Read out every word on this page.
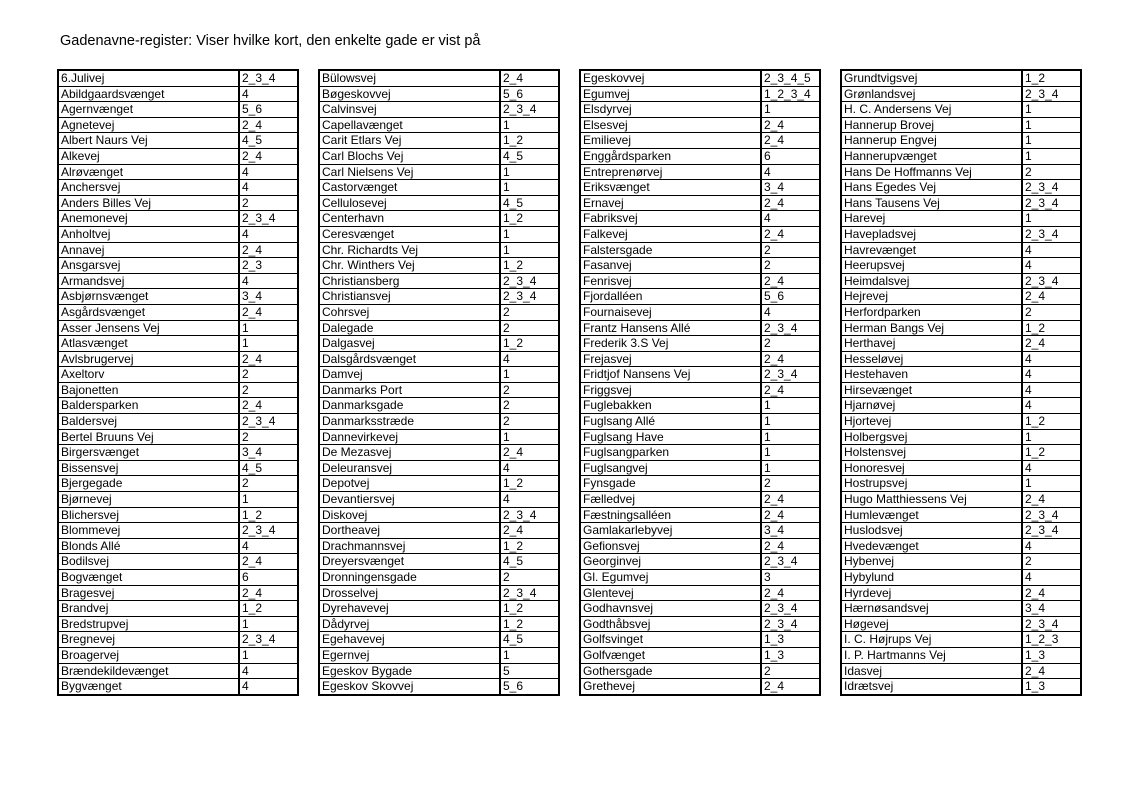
Gadenavne-register: Viser hvilke kort, den enkelte gade er vist på
6.Julivej	2_3_4
Abildgaardsvænget	4
Agernvænget	5_6
Agnetevej	2_4
Albert Naurs Vej	4_5
Alkevej	2_4
Alrøvænget	4
Anchersvej	4
Anders Billes Vej	2
Anemonevej	2_3_4
Anholtvej	4
Annavej	2_4
Ansgarsvej	2_3
Armandsvej	4
Asbjørnsvænget	3_4
Asgårdsvænget	2_4
Asser Jensens Vej	1
Atlasvænget	1
Avlsbrugervej	2_4
Axeltorv	2
Bajonetten	2
Baldersparken	2_4
Baldersvej	2_3_4
Bertel Bruuns Vej	2
Birgersvænget	3_4
Bissensvej	4_5
Bjergegade	2
Bjørnevej	1
Blichersvej	1_2
Blommevej	2_3_4
Blonds Allé	4
Bodilsvej	2_4
Bogvænget	6
Bragesvej	2_4
Brandvej	1_2
Bredstrupvej	1
Bregnevej	2_3_4
Broagervej	1
Brændekildevænget	4
Bygvænget	4
Bülowsvej	2_4
Bøgeskovvej	5_6
Calvinsvej	2_3_4
Capellavænget	1
Carit Etlars Vej	1_2
Carl Blochs Vej	4_5
Carl Nielsens Vej	1
Castorvænget	1
Cellulosevej	4_5
Centerhavn	1_2
Ceresvænget	1
Chr. Richardts Vej	1
Chr. Winthers Vej	1_2
Christiansberg	2_3_4
Christiansvej	2_3_4
Cohrsvej	2
Dalegade	2
Dalgasvej	1_2
Dalsgårdsvænget	4
Damvej	1
Danmarks Port	2
Danmarksgade	2
Danmarksstræde	2
Dannevirkevej	1
De Mezasvej	2_4
Deleuransvej	4
Depotvej	1_2
Devantiersvej	4
Diskovej	2_3_4
Dortheavej	2_4
Drachmannsvej	1_2
Dreyersvænget	4_5
Dronningensgade	2
Drosselvej	2_3_4
Dyrehavevej	1_2
Dådyrvej	1_2
Egehavevej	4_5
Egernvej	1
Egeskov Bygade	5
Egeskov Skovvej	5_6
Egeskovvej	2_3_4_5
Egumvej	1_2_3_4
Elsdyrvej	1
Elsesvej	2_4
Emilievej	2_4
Enggårdsparken	6
Entreprenørvej	4
Eriksvænget	3_4
Ernavej	2_4
Fabriksvej	4
Falkevej	2_4
Falstersgade	2
Fasanvej	2
Fenrisvej	2_4
Fjordalléen	5_6
Fournaisevej	4
Frantz Hansens Allé	2_3_4
Frederik 3.S Vej	2
Frejasvej	2_4
Fridtjof Nansens Vej	2_3_4
Friggsvej	2_4
Fuglebakken	1
Fuglsang Allé	1
Fuglsang Have	1
Fuglsangparken	1
Fuglsangvej	1
Fynsgade	2
Fælledvej	2_4
Fæstningsalléen	2_4
Gamlakarlebyvej	3_4
Gefionsvej	2_4
Georginvej	2_3_4
Gl. Egumvej	3
Glentevej	2_4
Godhavnsvej	2_3_4
Godthåbsvej	2_3_4
Golfsvinget	1_3
Golfvænget	1_3
Gothersgade	2
Grethevej	2_4
Grundtvigsvej	1_2
Grønlandsvej	2_3_4
H. C. Andersens Vej	1
Hannerup Brovej	1
Hannerup Engvej	1
Hannerupvænget	1
Hans De Hoffmanns Vej	2
Hans Egedes Vej	2_3_4
Hans Tausens Vej	2_3_4
Harevej	1
Havepladsvej	2_3_4
Havrevænget	4
Heerupsvej	4
Heimdalsvej	2_3_4
Hejrevej	2_4
Herfordparken	2
Herman Bangs Vej	1_2
Herthavej	2_4
Hesseløvej	4
Hestehaven	4
Hirsevænget	4
Hjarnøvej	4
Hjortevej	1_2
Holbergsvej	1
Holstensvej	1_2
Honoresvej	4
Hostrupsvej	1
Hugo Matthiessens Vej	2_4
Humlevænget	2_3_4
Huslodsvej	2_3_4
Hvedevænget	4
Hybenvej	2
Hybylund	4
Hyrdevej	2_4
Hærnøsandsvej	3_4
Høgevej	2_3_4
I. C. Højrups Vej	1_2_3
I. P. Hartmanns Vej	1_3
Idasvej	2_4
Idrætsvej	1_3
